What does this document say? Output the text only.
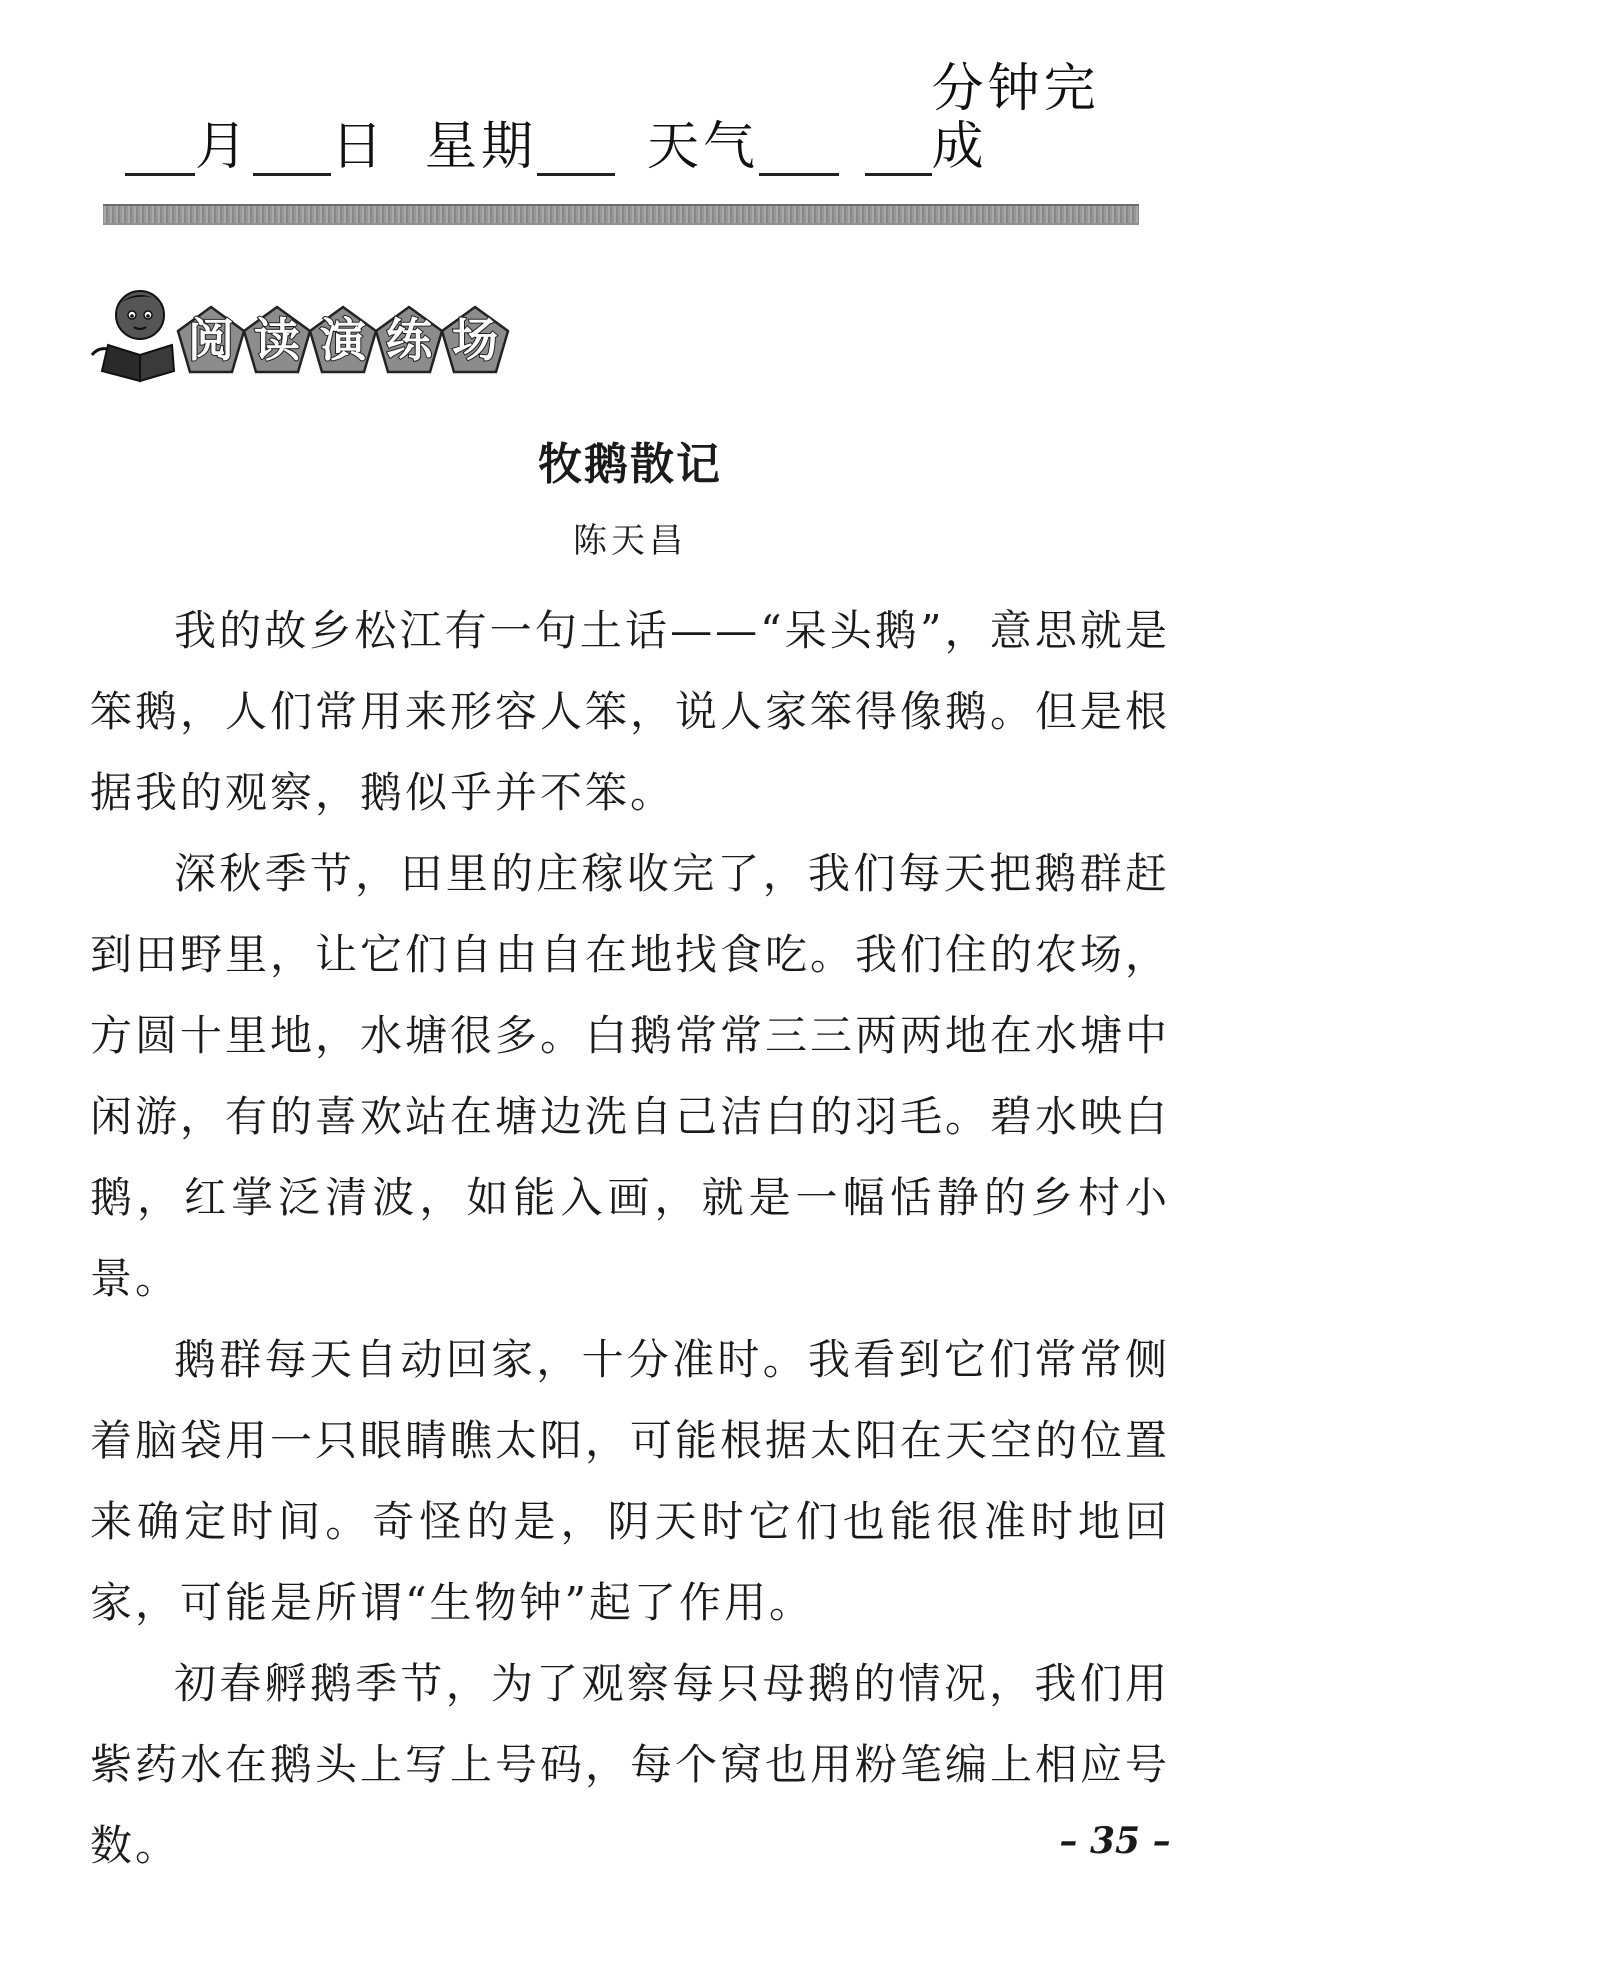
月 日 星期 天气
分钟完成
阅 读 演 练 场
牧鹅散记
陈天昌

我的故乡松江有一句土话——“呆头鹅”，意思就是笨鹅，人们常用来形容人笨，说人家笨得像鹅。但是根据我的观察，鹅似乎并不笨。

深秋季节，田里的庄稼收完了，我们每天把鹅群赶到田野里，让它们自由自在地找食吃。我们住的农场，方圆十里地，水塘很多。白鹅常常三三两两地在水塘中闲游，有的喜欢站在塘边洗自己洁白的羽毛。碧水映白鹅，红掌泛清波，如能入画，就是一幅恬静的乡村小景。

鹅群每天自动回家，十分准时。我看到它们常常侧着脑袋用一只眼睛瞧太阳，可能根据太阳在天空的位置来确定时间。奇怪的是，阴天时它们也能很准时地回家，可能是所谓“生物钟”起了作用。

初春孵鹅季节，为了观察每只母鹅的情况，我们用紫药水在鹅头上写上号码，每个窝也用粉笔编上相应号数。	– 35 –
